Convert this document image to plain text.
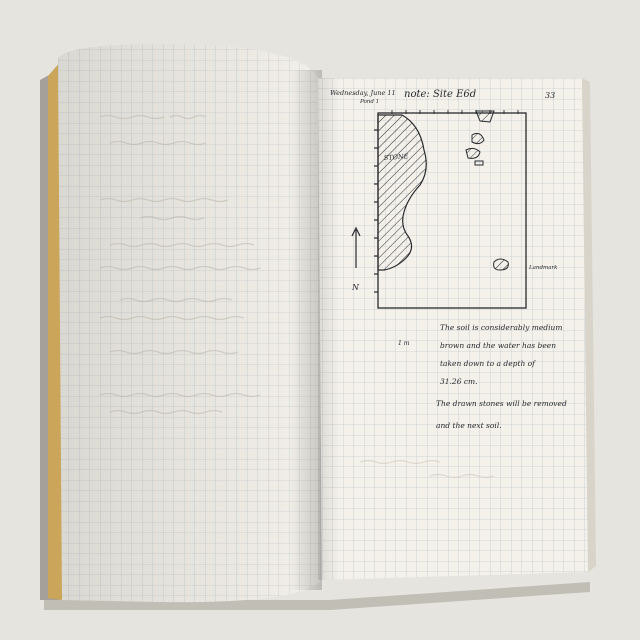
Wednesday, June 11
Pond 1
note: Site E6d	33
STONE
Landmark
N
1 m
The soil is considerably medium
brown and the water has been
taken down to a depth of
31.26 cm.
The drawn stones will be removed
and the next soil.
